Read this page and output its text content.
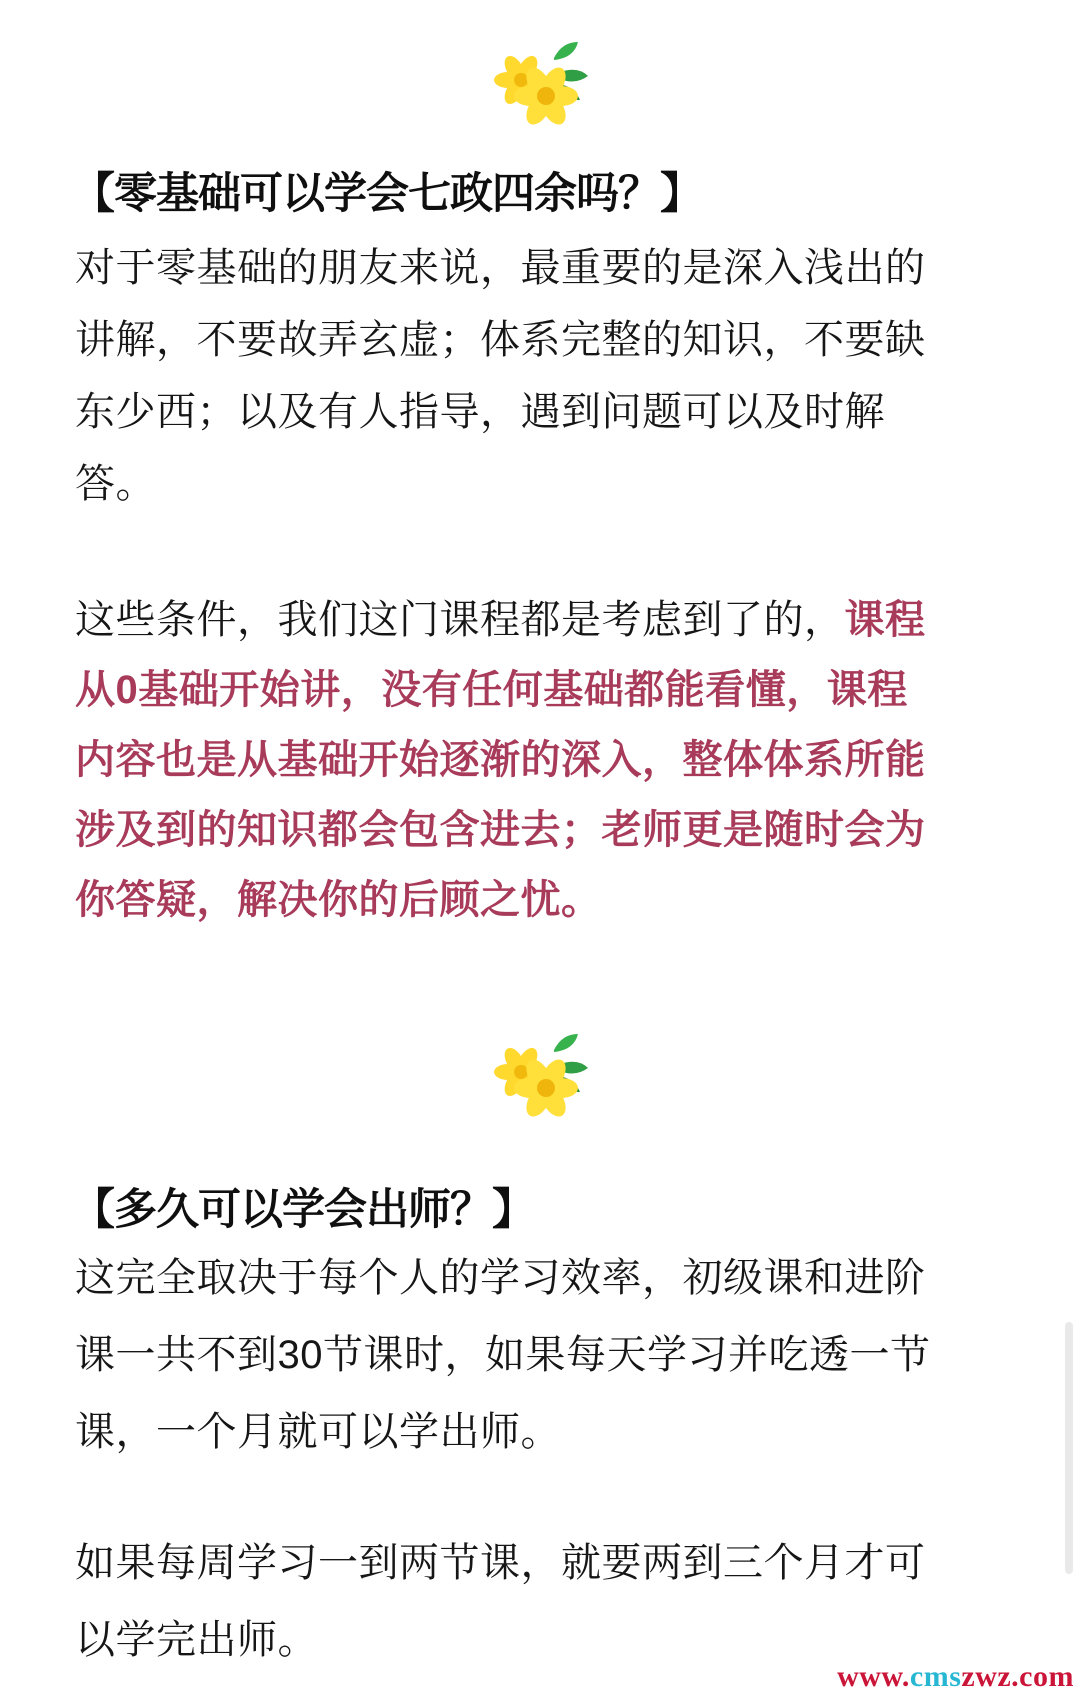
【零基础可以学会七政四余吗？】
对于零基础的朋友来说，最重要的是深入浅出的
讲解，不要故弄玄虚；体系完整的知识，不要缺
东少西；以及有人指导，遇到问题可以及时解
答。
这些条件，我们这门课程都是考虑到了的，课程
从0基础开始讲，没有任何基础都能看懂，课程
内容也是从基础开始逐渐的深入，整体体系所能
涉及到的知识都会包含进去；老师更是随时会为
你答疑，解决你的后顾之忧。
【多久可以学会出师？】
这完全取决于每个人的学习效率，初级课和进阶
课一共不到30节课时，如果每天学习并吃透一节
课，一个月就可以学出师。
如果每周学习一到两节课，就要两到三个月才可
以学完出师。
www.cmszwz.com
